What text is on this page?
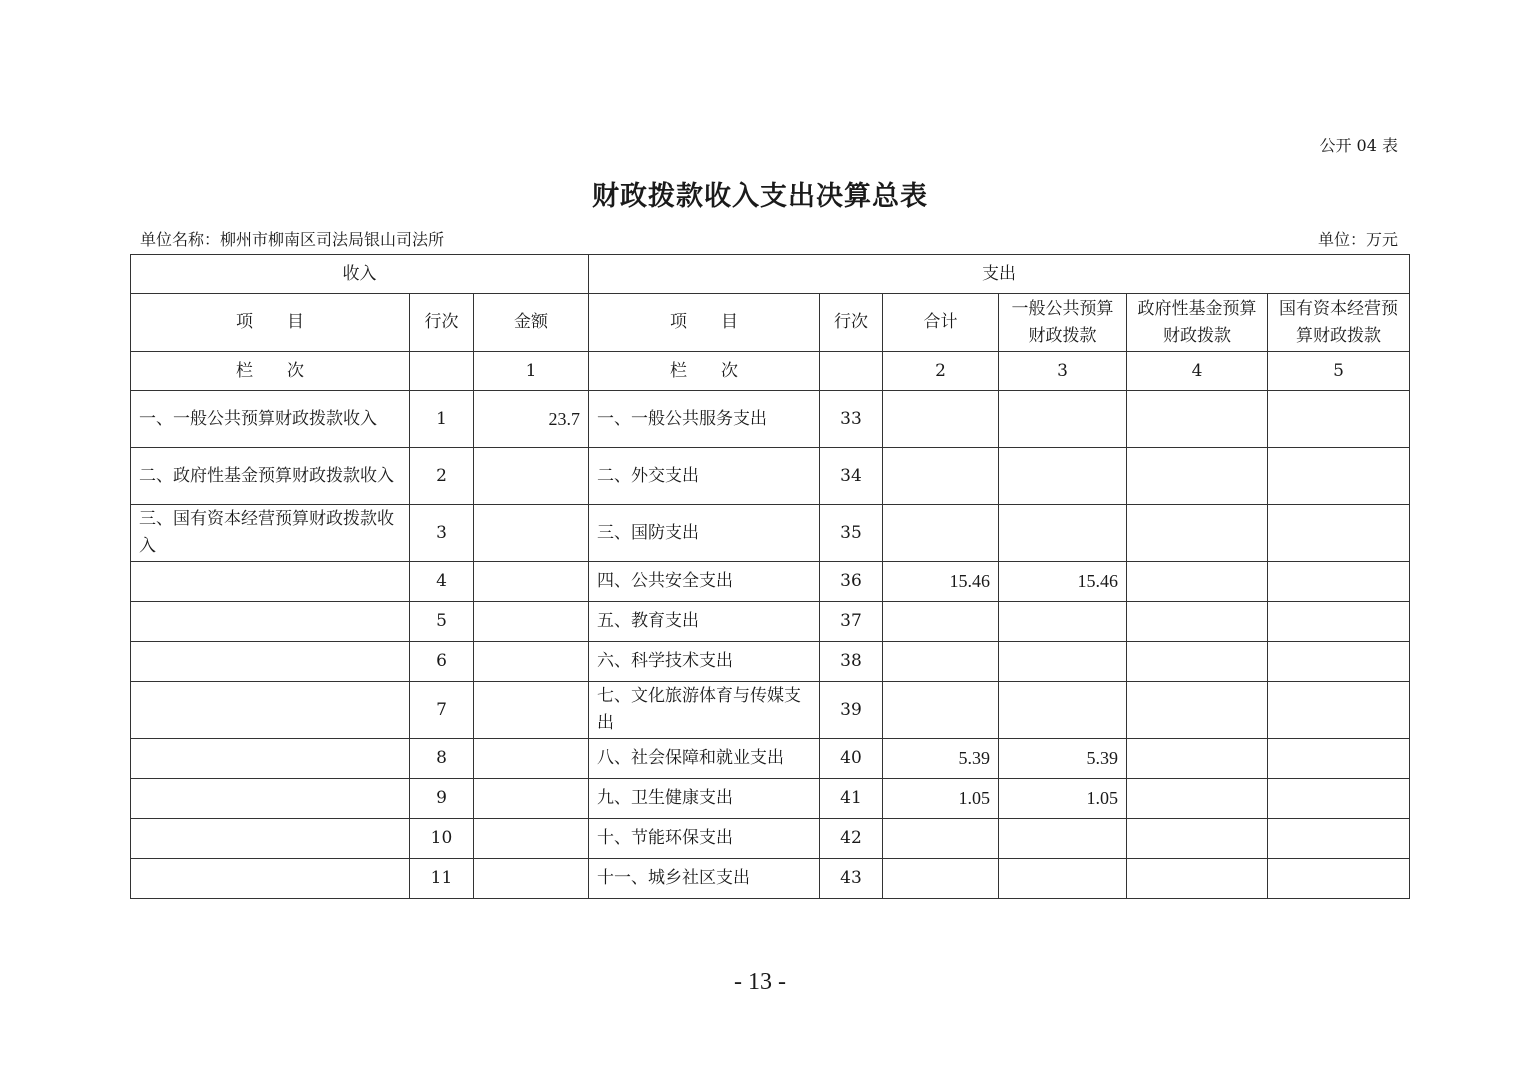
公开 04 表
财政拨款收入支出决算总表
单位名称：柳州市柳南区司法局银山司法所	单位：万元
收入			支出					
项　　目	行次	金额	项　　目	行次	合计	一般公共预算财政拨款	政府性基金预算财政拨款	国有资本经营预算财政拨款
栏　　次		1	栏　　次		2	3	4	5
一、一般公共预算财政拨款收入	1	23.7	一、一般公共服务支出	33				
二、政府性基金预算财政拨款收入	2		二、外交支出	34				
三、国有资本经营预算财政拨款收入	3		三、国防支出	35				
	4		四、公共安全支出	36	15.46	15.46		
	5		五、教育支出	37				
	6		六、科学技术支出	38				
	7		七、文化旅游体育与传媒支出	39				
	8		八、社会保障和就业支出	40	5.39	5.39		
	9		九、卫生健康支出	41	1.05	1.05		
	10		十、节能环保支出	42				
	11		十一、城乡社区支出	43				
- 13 -
